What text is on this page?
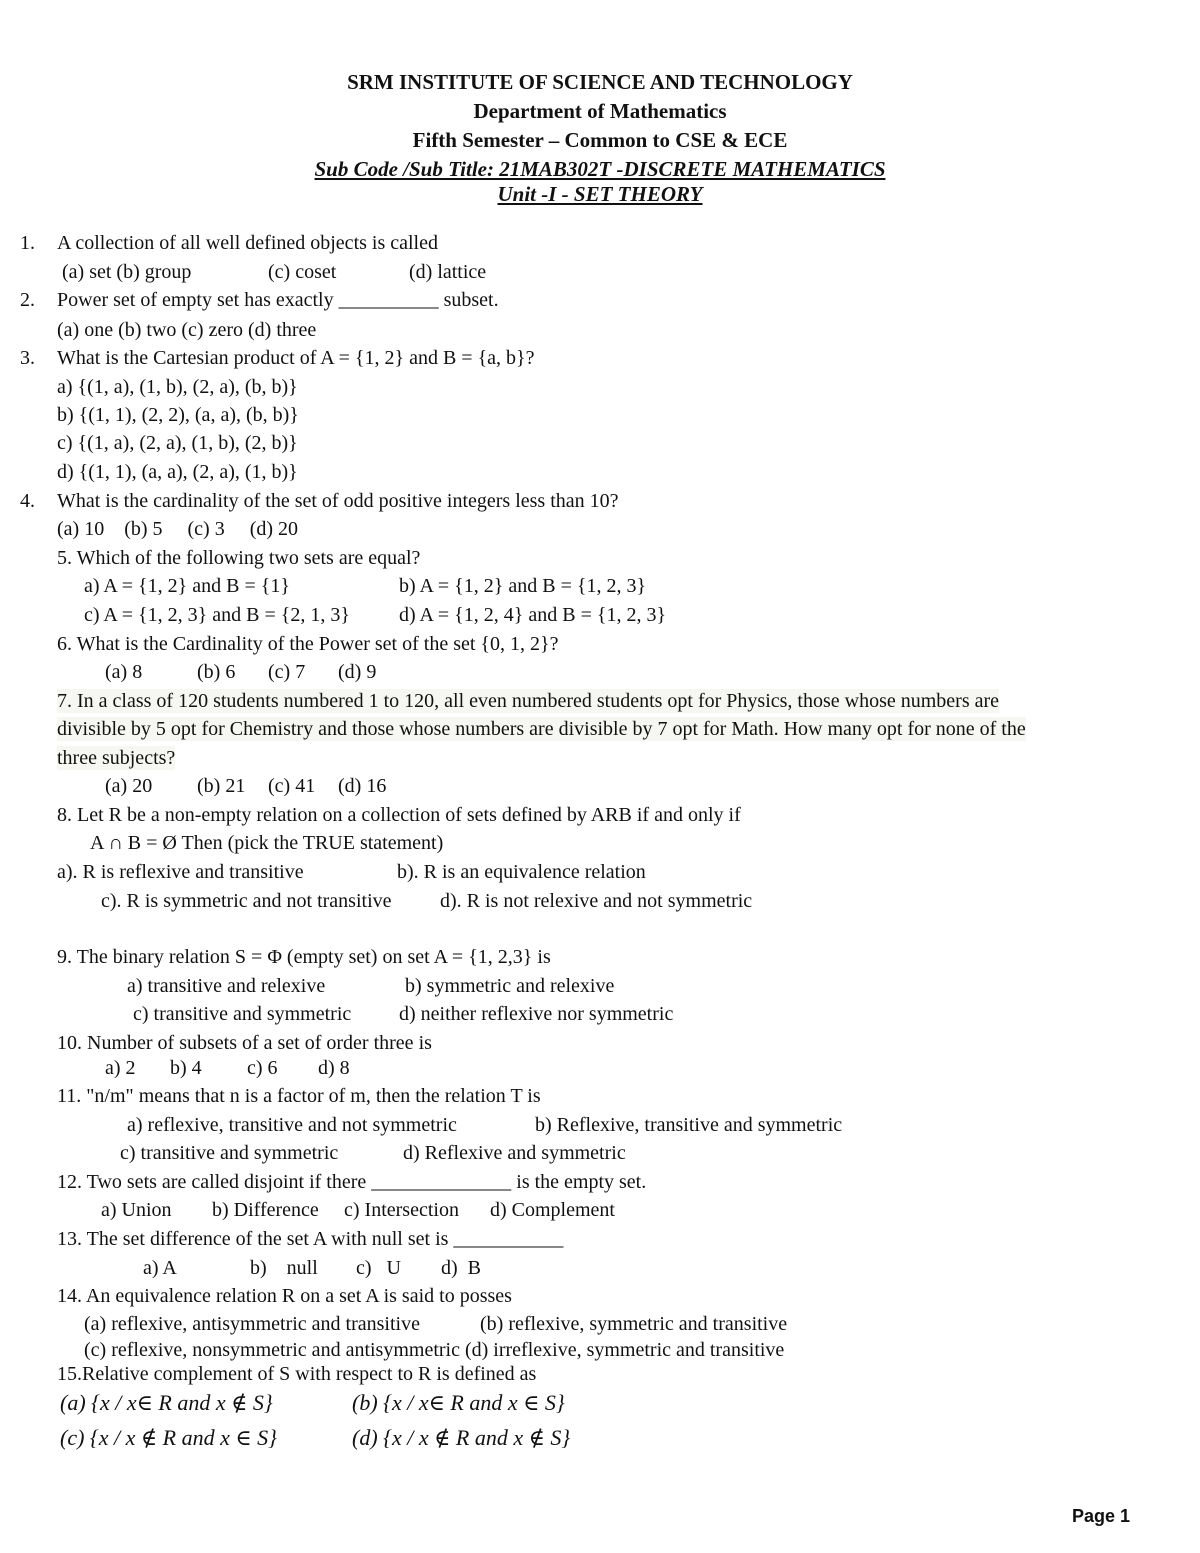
SRM INSTITUTE OF SCIENCE AND TECHNOLOGY
Department of Mathematics
Fifth Semester – Common to CSE & ECE
Sub Code /Sub Title: 21MAB302T -DISCRETE MATHEMATICS
Unit -I - SET THEORY
1. A collection of all well defined objects is called
(a) set (b) group	(c) coset	(d) lattice
2. Power set of empty set has exactly __________ subset.
(a) one (b) two (c) zero (d) three
3. What is the Cartesian product of A = {1, 2} and B = {a, b}?
a) {(1, a), (1, b), (2, a), (b, b)}
b) {(1, 1), (2, 2), (a, a), (b, b)}
c) {(1, a), (2, a), (1, b), (2, b)}
d) {(1, 1), (a, a), (2, a), (1, b)}
4. What is the cardinality of the set of odd positive integers less than 10?
(a) 10    (b) 5     (c) 3     (d) 20
5. Which of the following two sets are equal?
a) A = {1, 2} and B = {1}	b) A = {1, 2} and B = {1, 2, 3}
c) A = {1, 2, 3} and B = {2, 1, 3} d) A = {1, 2, 4} and B = {1, 2, 3}
6. What is the Cardinality of the Power set of the set {0, 1, 2}?
(a) 8	(b) 6 (c) 7 (d) 9
7. In a class of 120 students numbered 1 to 120, all even numbered students opt for Physics, those whose numbers are
divisible by 5 opt for Chemistry and those whose numbers are divisible by 7 opt for Math. How many opt for none of the
three subjects?
(a) 20 (b) 21 (c) 41 (d) 16
8. Let R be a non-empty relation on a collection of sets defined by ARB if and only if
A ∩ B = Ø Then (pick the TRUE statement)
a). R is reflexive and transitive	b). R is an equivalence relation
c). R is symmetric and not transitive d). R is not relexive and not symmetric
9. The binary relation S = Φ (empty set) on set A = {1, 2,3} is
a) transitive and relexive	b) symmetric and relexive
c) transitive and symmetric d) neither reflexive nor symmetric
10. Number of subsets of a set of order three is
a) 2 b) 4 c) 6 d) 8
11. "n/m" means that n is a factor of m, then the relation T is
a) reflexive, transitive and not symmetric	b) Reflexive, transitive and symmetric
c) transitive and symmetric	d) Reflexive and symmetric
12. Two sets are called disjoint if there ______________ is the empty set.
a) Union b) Difference c) Intersection d) Complement
13. The set difference of the set A with null set is ___________
a) A	b)    null c)   U d)  B
14. An equivalence relation R on a set A is said to posses
(a) reflexive, antisymmetric and transitive	(b) reflexive, symmetric and transitive
(c) reflexive, nonsymmetric and antisymmetric (d) irreflexive, symmetric and transitive
15.Relative complement of S with respect to R is defined as
(a) {x / x∈ R and x ∉ S}	(b) {x / x∈ R and x ∈ S}
(c) {x / x ∉ R and x ∈ S}	(d) {x / x ∉ R and x ∉ S}
Page 1
